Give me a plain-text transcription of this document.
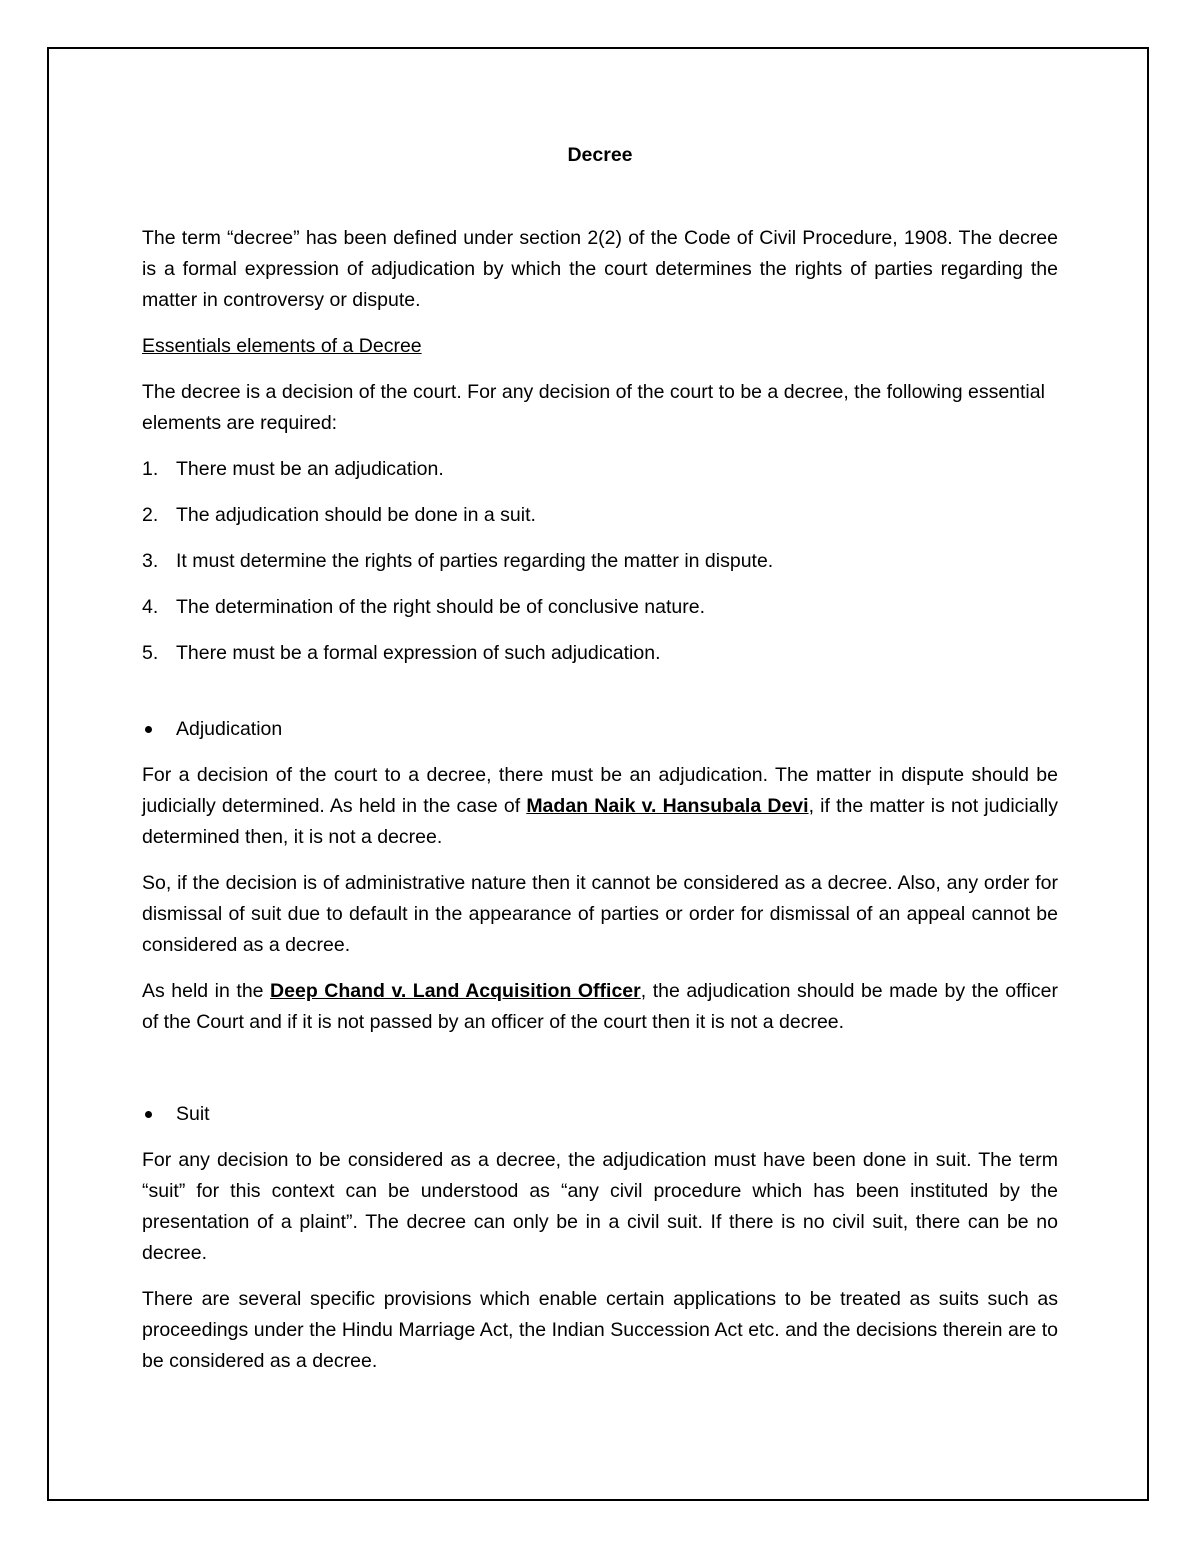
Decree

The term “decree” has been defined under section 2(2) of the Code of Civil Procedure, 1908. The decree is a formal expression of adjudication by which the court determines the rights of parties regarding the matter in controversy or dispute.

Essentials elements of a Decree

The decree is a decision of the court. For any decision of the court to be a decree, the following essential elements are required:

1. There must be an adjudication.
2. The adjudication should be done in a suit.
3. It must determine the rights of parties regarding the matter in dispute.
4. The determination of the right should be of conclusive nature.
5. There must be a formal expression of such adjudication.
Adjudication

For a decision of the court to a decree, there must be an adjudication. The matter in dispute should be judicially determined. As held in the case of Madan Naik v. Hansubala Devi, if the matter is not judicially determined then, it is not a decree.

So, if the decision is of administrative nature then it cannot be considered as a decree. Also, any order for dismissal of suit due to default in the appearance of parties or order for dismissal of an appeal cannot be considered as a decree.

As held in the Deep Chand v. Land Acquisition Officer, the adjudication should be made by the officer of the Court and if it is not passed by an officer of the court then it is not a decree.

Suit

For any decision to be considered as a decree, the adjudication must have been done in suit. The term “suit” for this context can be understood as “any civil procedure which has been instituted by the presentation of a plaint”. The decree can only be in a civil suit. If there is no civil suit, there can be no decree.

There are several specific provisions which enable certain applications to be treated as suits such as proceedings under the Hindu Marriage Act, the Indian Succession Act etc. and the decisions therein are to be considered as a decree.
